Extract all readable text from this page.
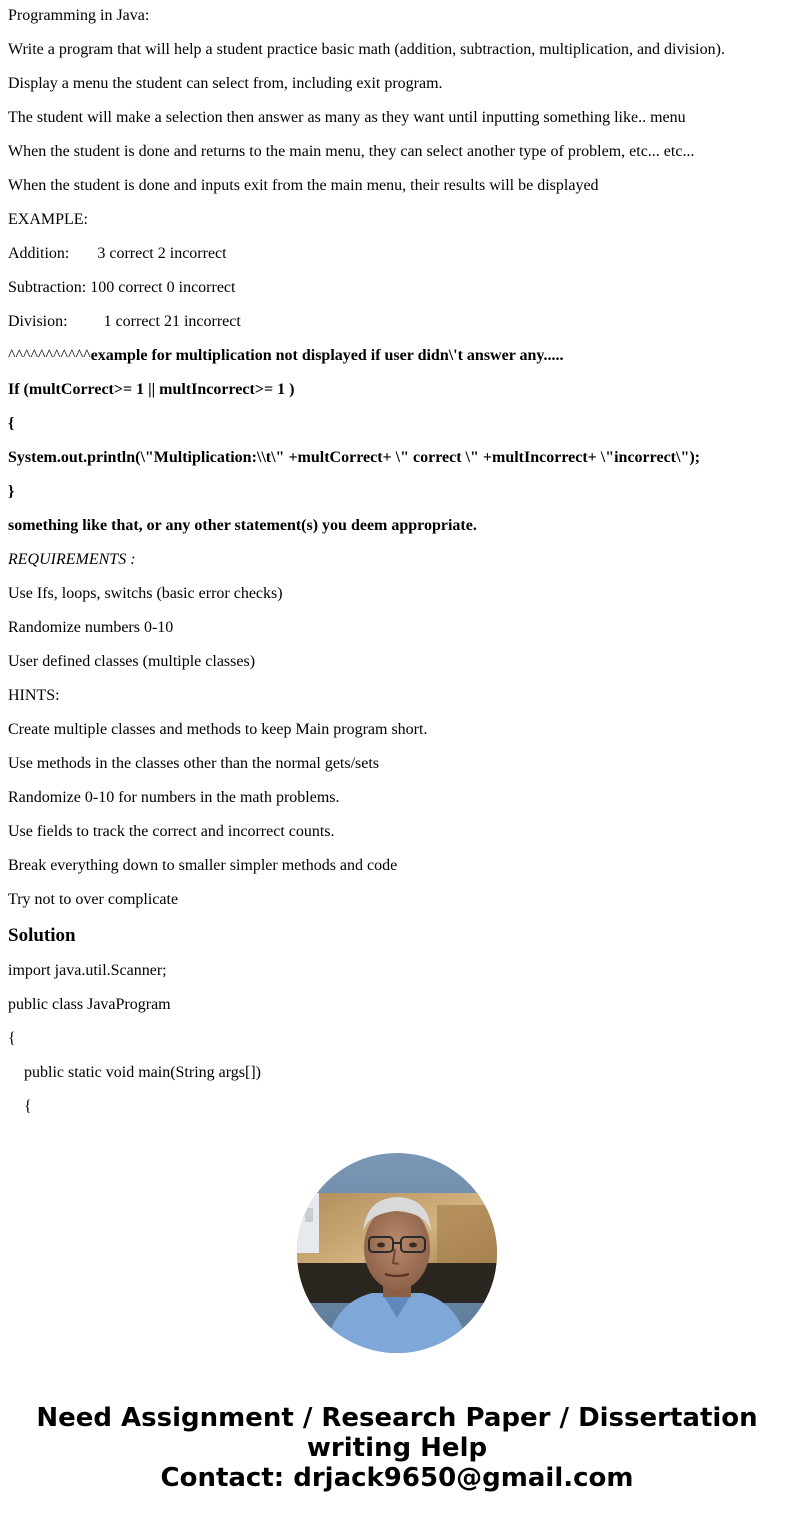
Programming in Java:
Write a program that will help a student practice basic math (addition, subtraction, multiplication, and division).
Display a menu the student can select from, including exit program.
The student will make a selection then answer as many as they want until inputting something like.. menu
When the student is done and returns to the main menu, they can select another type of problem, etc... etc...
When the student is done and inputs exit from the main menu, their results will be displayed
EXAMPLE:
Addition:       3 correct 2 incorrect
Subtraction: 100 correct 0 incorrect
Division:         1 correct 21 incorrect
^^^^^^^^^^^example for multiplication not displayed if user didn\'t answer any.....
If (multCorrect>= 1 || multIncorrect>= 1 )
{
System.out.println(\"Multiplication:\\t\" +multCorrect+ \" correct \" +multIncorrect+ \"incorrect\");
}
something like that, or any other statement(s) you deem appropriate.
REQUIREMENTS :
Use Ifs, loops, switchs (basic error checks)
Randomize numbers 0-10
User defined classes (multiple classes)
HINTS:
Create multiple classes and methods to keep Main program short.
Use methods in the classes other than the normal gets/sets
Randomize 0-10 for numbers in the math problems.
Use fields to track the correct and incorrect counts.
Break everything down to smaller simpler methods and code
Try not to over complicate
Solution
import java.util.Scanner;
public class JavaProgram
{
public static void main(String args[])
{
Need Assignment / Research Paper / Dissertation
writing Help
Contact: drjack9650@gmail.com
